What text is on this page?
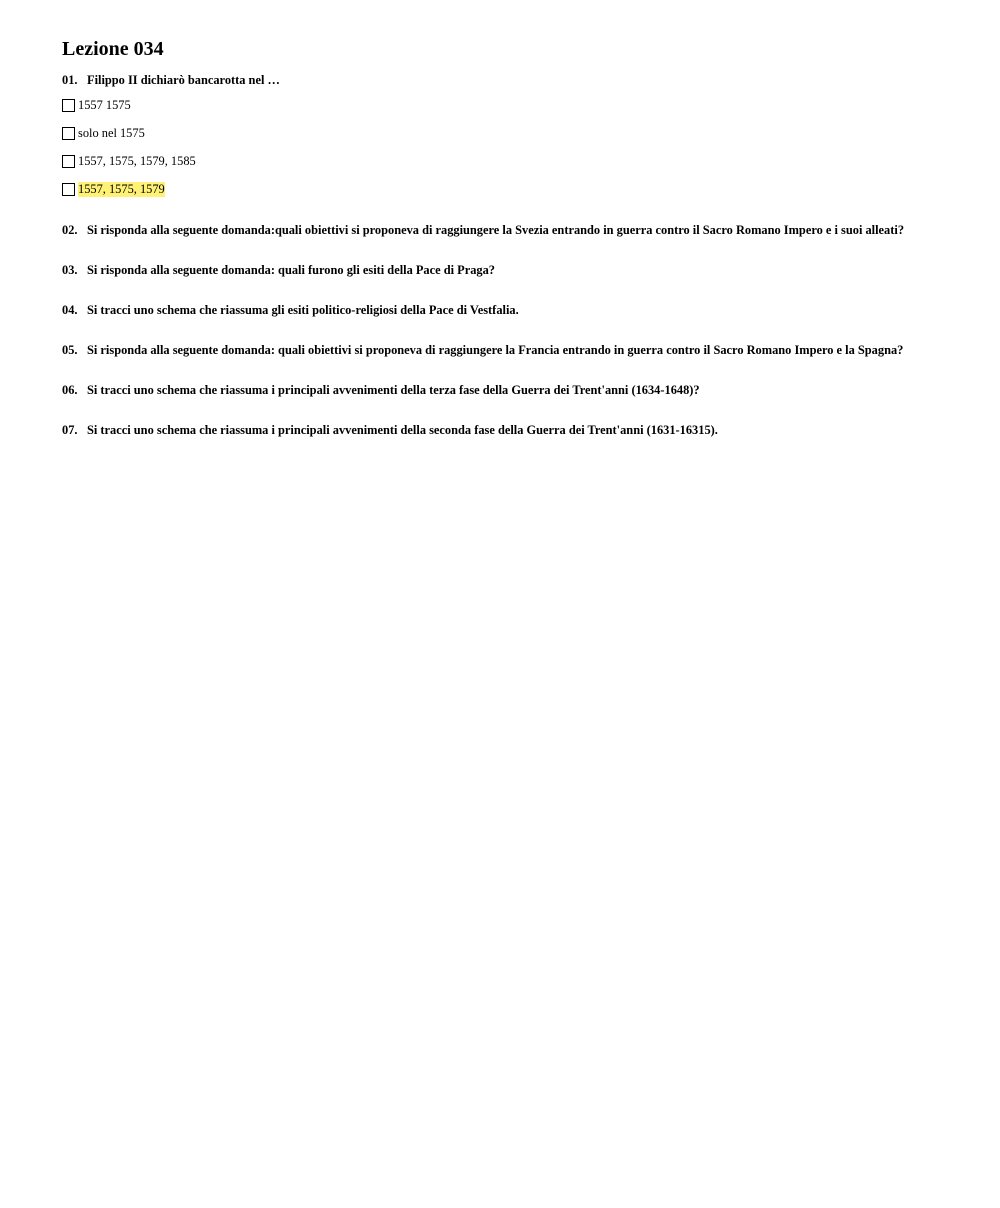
Lezione 034
01. Filippo II dichiarò bancarotta nel …
1557 1575
solo nel 1575
1557, 1575, 1579, 1585
1557, 1575, 1579
02. Si risponda alla seguente domanda:quali obiettivi si proponeva di raggiungere la Svezia entrando in guerra contro il Sacro Romano Impero e i suoi alleati?
03. Si risponda alla seguente domanda: quali furono gli esiti della Pace di Praga?
04. Si tracci uno schema che riassuma gli esiti politico-religiosi della Pace di Vestfalia.
05. Si risponda alla seguente domanda: quali obiettivi si proponeva di raggiungere la Francia entrando in guerra contro il Sacro Romano Impero e la Spagna?
06. Si tracci uno schema che riassuma i principali avvenimenti della terza fase della Guerra dei Trent'anni (1634-1648)?
07. Si tracci uno schema che riassuma i principali avvenimenti della seconda fase della Guerra dei Trent'anni (1631-16315).
